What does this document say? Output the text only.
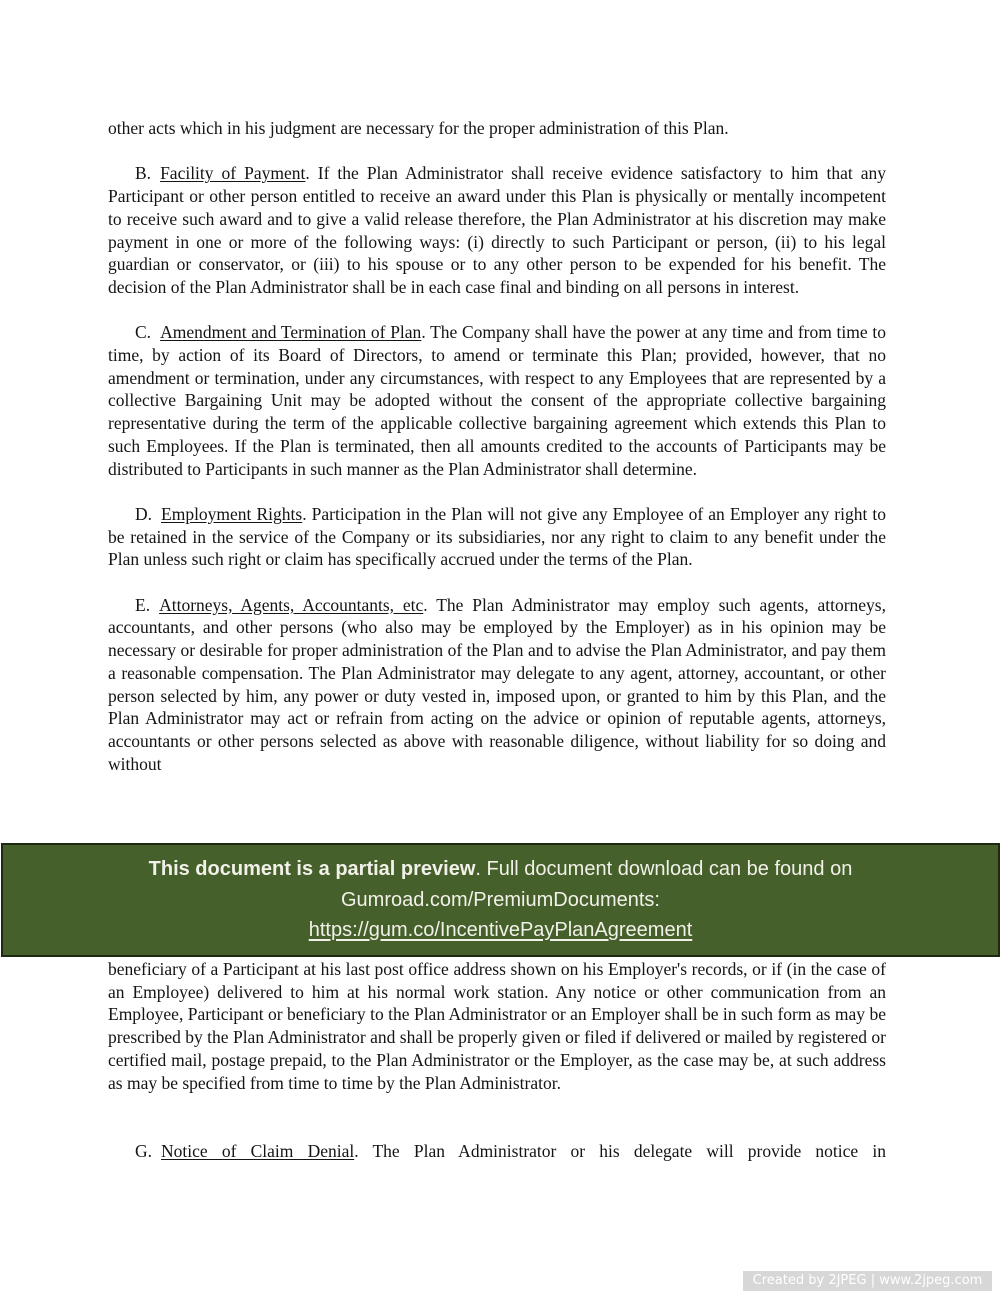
other acts which in his judgment are necessary for the proper administration of this Plan.

B. Facility of Payment. If the Plan Administrator shall receive evidence satisfactory to him that any Participant or other person entitled to receive an award under this Plan is physically or mentally incompetent to receive such award and to give a valid release therefore, the Plan Administrator at his discretion may make payment in one or more of the following ways: (i) directly to such Participant or person, (ii) to his legal guardian or conservator, or (iii) to his spouse or to any other person to be expended for his benefit. The decision of the Plan Administrator shall be in each case final and binding on all persons in interest.

C. Amendment and Termination of Plan. The Company shall have the power at any time and from time to time, by action of its Board of Directors, to amend or terminate this Plan; provided, however, that no amendment or termination, under any circumstances, with respect to any Employees that are represented by a collective Bargaining Unit may be adopted without the consent of the appropriate collective bargaining representative during the term of the applicable collective bargaining agreement which extends this Plan to such Employees. If the Plan is terminated, then all amounts credited to the accounts of Participants may be distributed to Participants in such manner as the Plan Administrator shall determine.

D. Employment Rights. Participation in the Plan will not give any Employee of an Employer any right to be retained in the service of the Company or its subsidiaries, nor any right to claim to any benefit under the Plan unless such right or claim has specifically accrued under the terms of the Plan.

E. Attorneys, Agents, Accountants, etc. The Plan Administrator may employ such agents, attorneys, accountants, and other persons (who also may be employed by the Employer) as in his opinion may be necessary or desirable for proper administration of the Plan and to advise the Plan Administrator, and pay them a reasonable compensation. The Plan Administrator may delegate to any agent, attorney, accountant, or other person selected by him, any power or duty vested in, imposed upon, or granted to him by this Plan, and the Plan Administrator may act or refrain from acting on the advice or opinion of reputable agents, attorneys, accountants or other persons selected as above with reasonable diligence, without liability for so doing and without

beneficiary of a Participant at his last post office address shown on his Employer's records, or if (in the case of an Employee) delivered to him at his normal work station. Any notice or other communication from an Employee, Participant or beneficiary to the Plan Administrator or an Employer shall be in such form as may be prescribed by the Plan Administrator and shall be properly given or filed if delivered or mailed by registered or certified mail, postage prepaid, to the Plan Administrator or the Employer, as the case may be, at such address as may be specified from time to time by the Plan Administrator.

G. Notice of Claim Denial. The Plan Administrator or his delegate will provide notice in

This document is a partial preview. Full document download can be found on

Gumroad.com/PremiumDocuments:

https://gum.co/IncentivePayPlanAgreement

Created by 2JPEG | www.2jpeg.com
